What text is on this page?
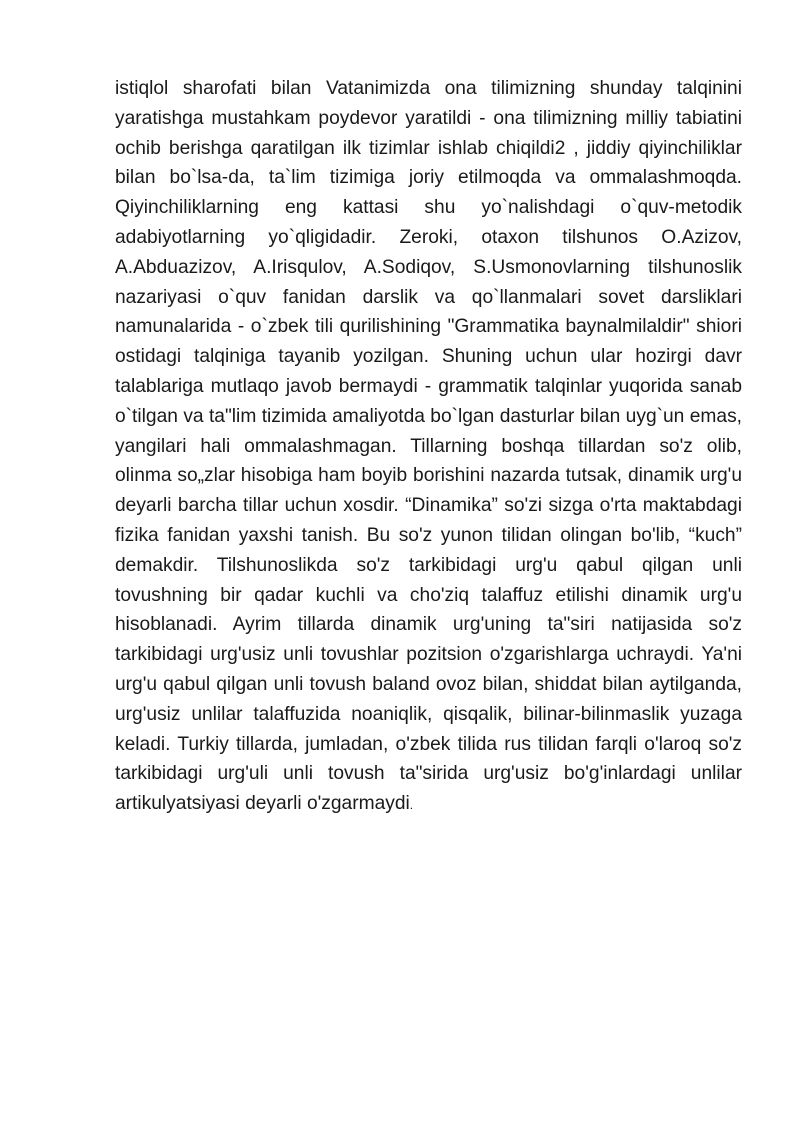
istiqlol sharofati bilan Vatanimizda ona tilimizning shunday talqinini yaratishga mustahkam poydevor yaratildi - ona tilimizning milliy tabiatini ochib berishga qaratilgan ilk tizimlar ishlab chiqildi2 , jiddiy qiyinchiliklar bilan bo`lsa-da, ta`lim tizimiga joriy etilmoqda va ommalashmoqda. Qiyinchiliklarning eng kattasi shu yo`nalishdagi o`quv-metodik adabiyotlarning yo`qligidadir. Zeroki, otaxon tilshunos O.Azizov, A.Abduazizov, A.Irisqulov, A.Sodiqov, S.Usmonovlarning tilshunoslik nazariyasi o`quv fanidan darslik va qo`llanmalari sovet darsliklari namunalarida - o`zbek tili qurilishining "Grammatika baynalmilaldir" shiori ostidagi talqiniga tayanib yozilgan. Shuning uchun ular hozirgi davr talablariga mutlaqo javob bermaydi - grammatik talqinlar yuqorida sanab o`tilgan va ta"lim tizimida amaliyotda bo`lgan dasturlar bilan uyg`un emas, yangilari hali ommalashmagan. Tillarning boshqa tillardan so'z olib, olinma so„zlar hisobiga ham boyib borishini nazarda tutsak, dinamik urg'u deyarli barcha tillar uchun xosdir. “Dinamika” so'zi sizga o'rta maktabdagi fizika fanidan yaxshi tanish. Bu so'z yunon tilidan olingan bo'lib, “kuch” demakdir. Tilshunoslikda so'z tarkibidagi urg'u qabul qilgan unli tovushning bir qadar kuchli va cho'ziq talaffuz etilishi dinamik urg'u hisoblanadi. Ayrim tillarda dinamik urg'uning ta"siri natijasida so'z tarkibidagi urg'usiz unli tovushlar pozitsion o'zgarishlarga uchraydi. Ya'ni urg'u qabul qilgan unli tovush baland ovoz bilan, shiddat bilan aytilganda, urg'usiz unlilar talaffuzida noaniqlik, qisqalik, bilinar-bilinmaslik yuzaga keladi. Turkiy tillarda, jumladan, o'zbek tilida rus tilidan farqli o'laroq so'z tarkibidagi urg'uli unli tovush ta"sirida urg'usiz bo'g'inlardagi unlilar artikulyatsiyasi deyarli o'zgarmaydi.
